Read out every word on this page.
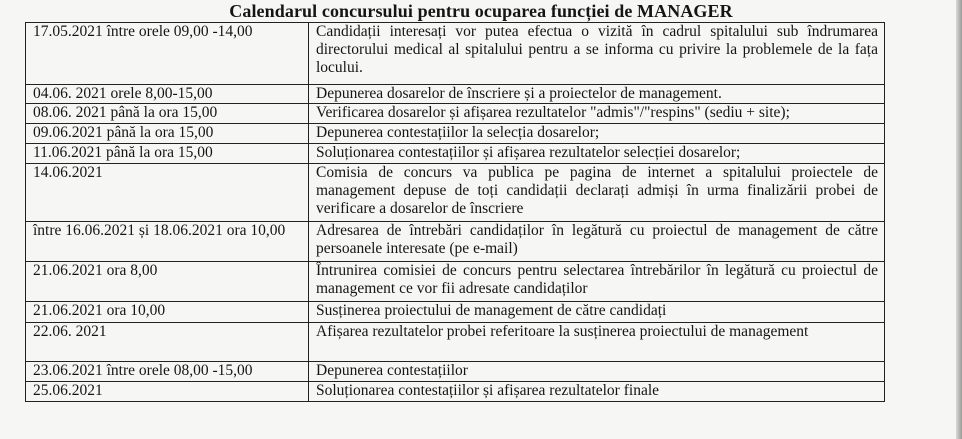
Calendarul concursului pentru ocuparea funcției de MANAGER
17.05.2021 între orele 09,00 -14,00	Candidații interesați vor putea efectua o vizită în cadrul spitalului sub îndrumarea directorului medical al spitalului pentru a se informa cu privire la problemele de la fața locului.
04.06. 2021 orele 8,00-15,00	Depunerea dosarelor de înscriere și a proiectelor de management.
08.06. 2021 până la ora 15,00	Verificarea dosarelor și afișarea rezultatelor "admis"/"respins" (sediu + site);
09.06.2021 până la ora 15,00	Depunerea contestațiilor la selecția dosarelor;
11.06.2021 până la ora 15,00	Soluționarea contestațiilor și afișarea rezultatelor selecției dosarelor;
14.06.2021	Comisia de concurs va publica pe pagina de internet a spitalului proiectele de management depuse de toți candidații declarați admiși în urma finalizării probei de verificare a dosarelor de înscriere
între 16.06.2021 și 18.06.2021 ora 10,00	Adresarea de întrebări candidaților în legătură cu proiectul de management de către persoanele interesate (pe e-mail)
21.06.2021 ora 8,00	Întrunirea comisiei de concurs pentru selectarea întrebărilor în legătură cu proiectul de management ce vor fii adresate candidaților
21.06.2021 ora 10,00	Susținerea proiectului de management de către candidați
22.06. 2021	Afișarea rezultatelor probei referitoare la susținerea proiectului de management
23.06.2021 între orele 08,00 -15,00	Depunerea contestațiilor
25.06.2021	Soluționarea contestațiilor și afișarea rezultatelor finale
